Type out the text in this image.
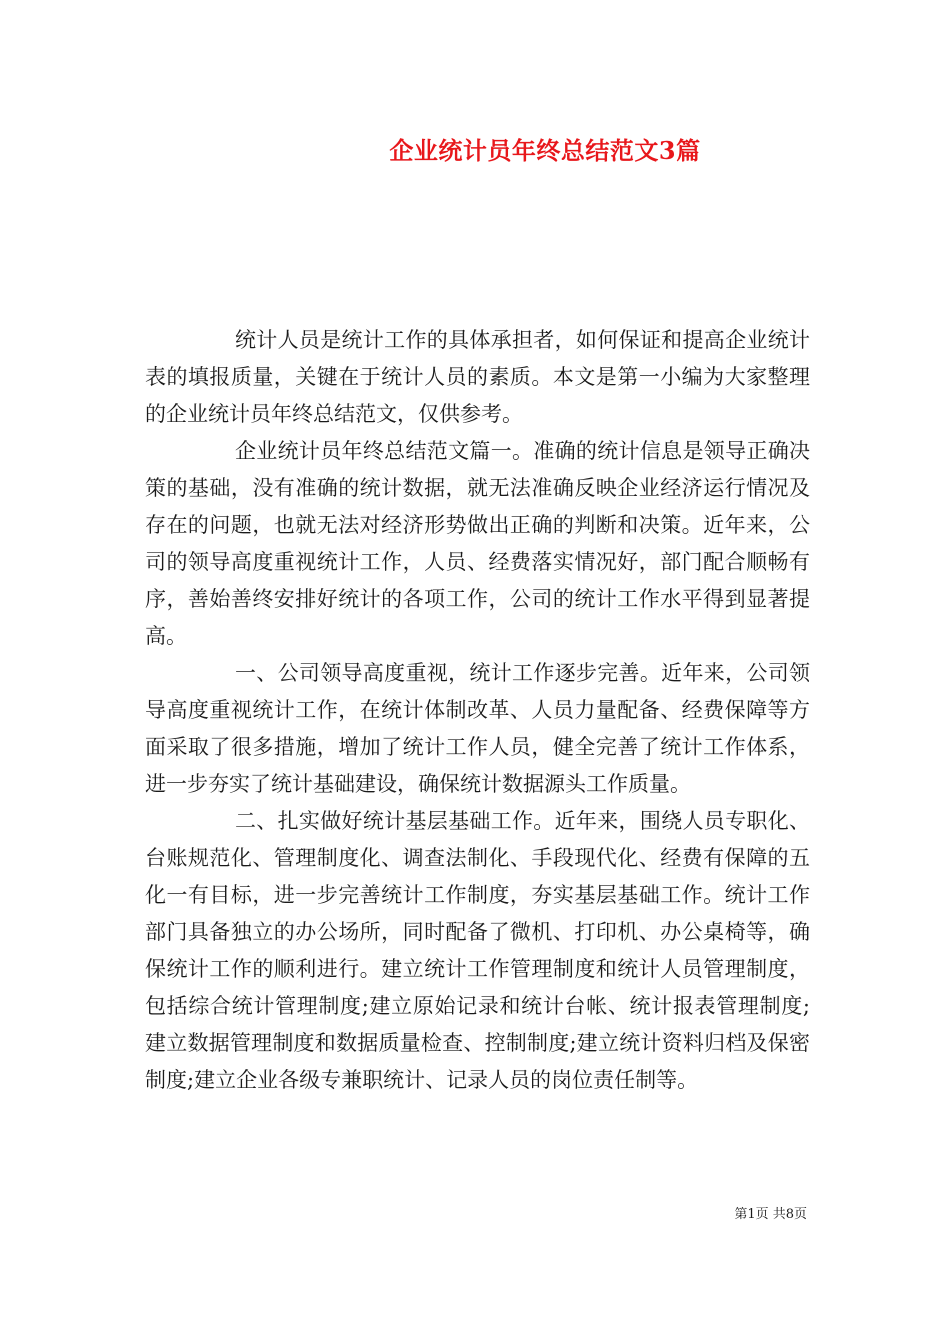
企业统计员年终总结范文3篇

统计人员是统计工作的具体承担者，如何保证和提高企业统计表的填报质量，关键在于统计人员的素质。本文是第一小编为大家整理的企业统计员年终总结范文，仅供参考。

企业统计员年终总结范文篇一。准确的统计信息是领导正确决策的基础，没有准确的统计数据，就无法准确反映企业经济运行情况及存在的问题，也就无法对经济形势做出正确的判断和决策。近年来，公司的领导高度重视统计工作，人员、经费落实情况好，部门配合顺畅有序，善始善终安排好统计的各项工作，公司的统计工作水平得到显著提高。

一、公司领导高度重视，统计工作逐步完善。近年来，公司领导高度重视统计工作，在统计体制改革、人员力量配备、经费保障等方面采取了很多措施，增加了统计工作人员，健全完善了统计工作体系，进一步夯实了统计基础建设，确保统计数据源头工作质量。

二、扎实做好统计基层基础工作。近年来，围绕人员专职化、台账规范化、管理制度化、调查法制化、手段现代化、经费有保障的五化一有目标，进一步完善统计工作制度，夯实基层基础工作。统计工作部门具备独立的办公场所，同时配备了微机、打印机、办公桌椅等，确保统计工作的顺利进行。建立统计工作管理制度和统计人员管理制度，包括综合统计管理制度;建立原始记录和统计台帐、统计报表管理制度;建立数据管理制度和数据质量检查、控制制度;建立统计资料归档及保密制度;建立企业各级专兼职统计、记录人员的岗位责任制等。

第1页 共8页
